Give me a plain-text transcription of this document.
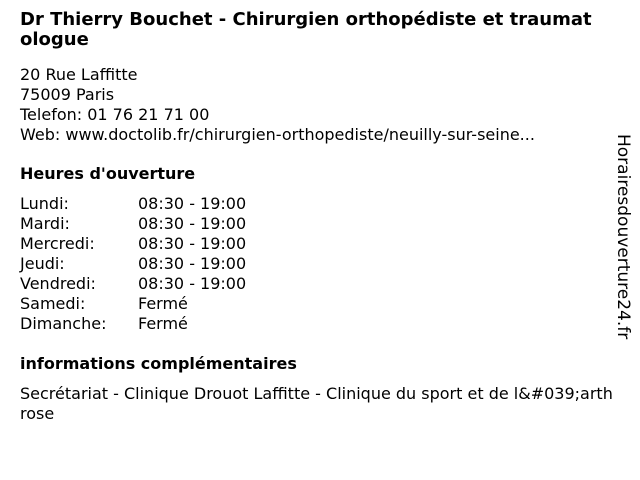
Dr Thierry Bouchet - Chirurgien orthopédiste et traumatologue
20 Rue Laffitte
75009 Paris
Telefon: 01 76 21 71 00
Web: www.doctolib.fr/chirurgien-orthopediste/neuilly-sur-seine...
Heures d'ouverture
Lundi:	08:30 - 19:00
Mardi:	08:30 - 19:00
Mercredi:	08:30 - 19:00
Jeudi:	08:30 - 19:00
Vendredi:	08:30 - 19:00
Samedi:	Fermé
Dimanche: Fermé
informations complémentaires
Secrétariat - Clinique Drouot Laffitte - Clinique du sport et de l&#039;arthrose
Horairesdouverture24.fr
